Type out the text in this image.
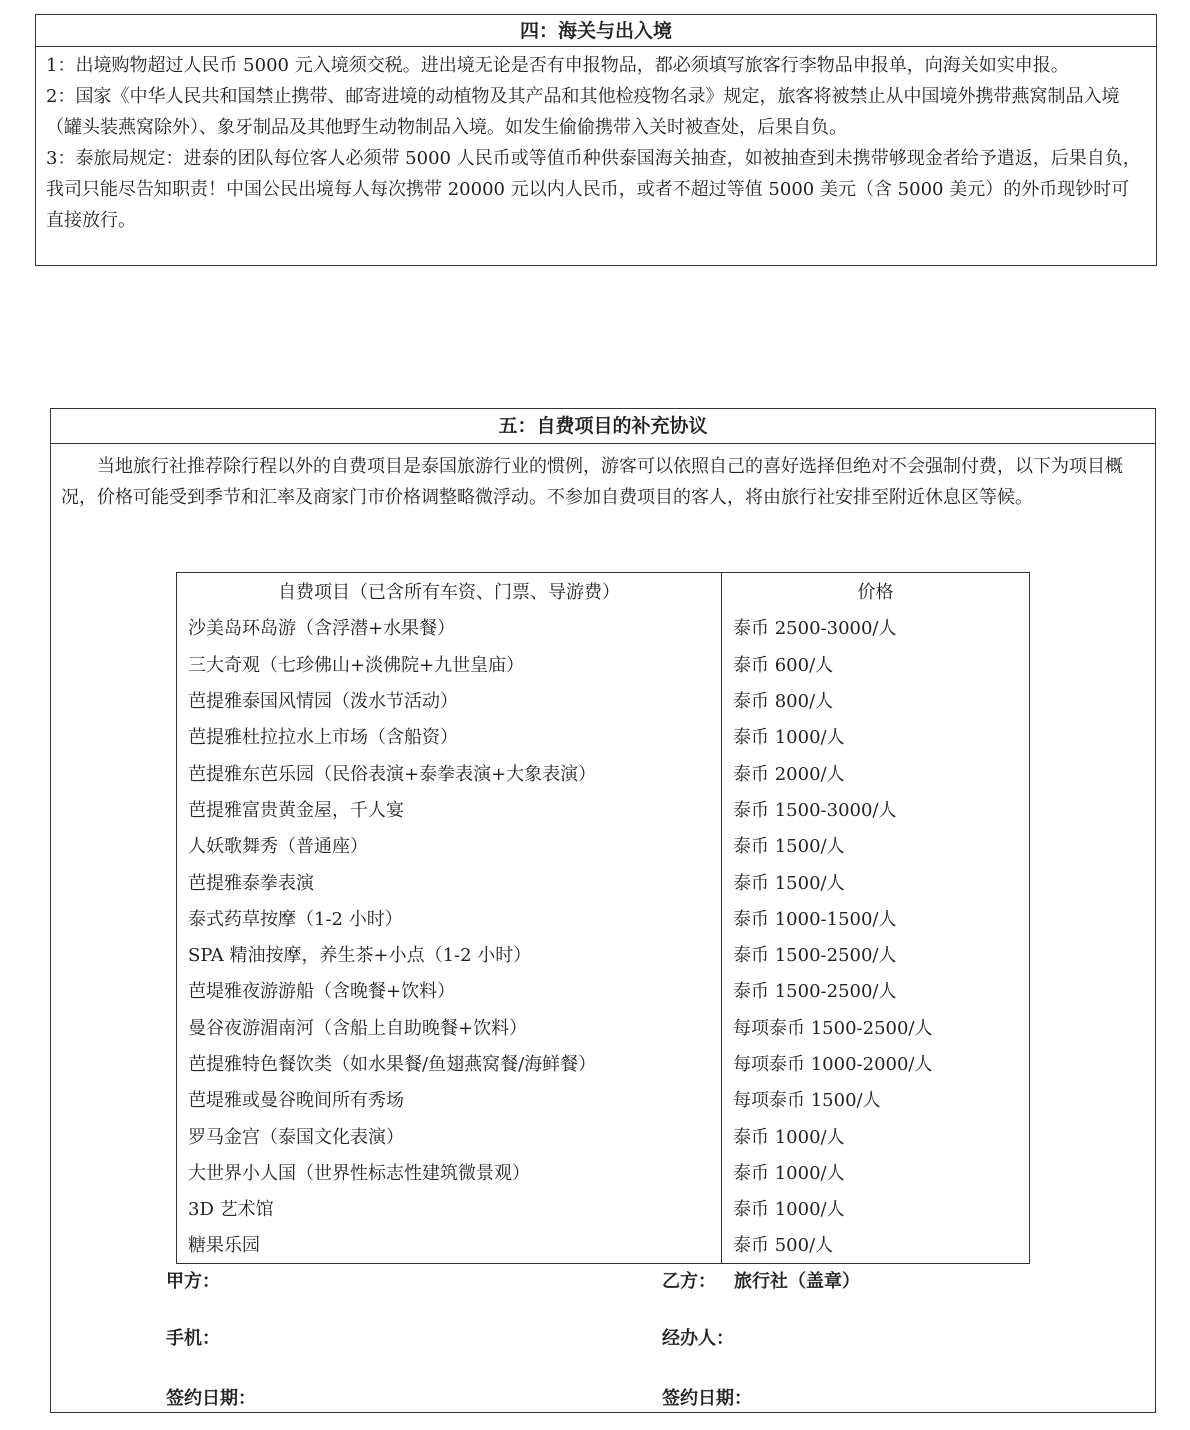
四：海关与出入境

1：出境购物超过人民币 5000 元入境须交税。进出境无论是否有申报物品，都必须填写旅客行李物品申报单，向海关如实申报。

2：国家《中华人民共和国禁止携带、邮寄进境的动植物及其产品和其他检疫物名录》规定，旅客将被禁止从中国境外携带燕窝制品入境（罐头装燕窝除外）、象牙制品及其他野生动物制品入境。如发生偷偷携带入关时被查处，后果自负。

3：泰旅局规定：进泰的团队每位客人必须带 5000 人民币或等值币种供泰国海关抽查，如被抽查到未携带够现金者给予遣返，后果自负，我司只能尽告知职责！中国公民出境每人每次携带 20000 元以内人民币，或者不超过等值 5000 美元（含 5000 美元）的外币现钞时可直接放行。

五：自费项目的补充协议

当地旅行社推荐除行程以外的自费项目是泰国旅游行业的惯例，游客可以依照自己的喜好选择但绝对不会强制付费，以下为项目概况，价格可能受到季节和汇率及商家门市价格调整略微浮动。不参加自费项目的客人，将由旅行社安排至附近休息区等候。

自费项目（已含所有车资、门票、导游费）	价格
沙美岛环岛游（含浮潜+水果餐）	泰币 2500-3000/人
三大奇观（七珍佛山+淡佛院+九世皇庙）	泰币 600/人
芭提雅泰国风情园（泼水节活动）	泰币 800/人
芭提雅杜拉拉水上市场（含船资）	泰币 1000/人
芭提雅东芭乐园（民俗表演+泰拳表演+大象表演）	泰币 2000/人
芭提雅富贵黄金屋，千人宴	泰币 1500-3000/人
人妖歌舞秀（普通座）	泰币 1500/人
芭提雅泰拳表演	泰币 1500/人
泰式药草按摩（1-2 小时）	泰币 1000-1500/人
SPA 精油按摩，养生茶+小点（1-2 小时）	泰币 1500-2500/人
芭堤雅夜游游船（含晚餐+饮料）	泰币 1500-2500/人
曼谷夜游湄南河（含船上自助晚餐+饮料）	每项泰币 1500-2500/人
芭提雅特色餐饮类（如水果餐/鱼翅燕窝餐/海鲜餐）	每项泰币 1000-2000/人
芭堤雅或曼谷晚间所有秀场	每项泰币 1500/人
罗马金宫（泰国文化表演）	泰币 1000/人
大世界小人国（世界性标志性建筑微景观）	泰币 1000/人
3D 艺术馆	泰币 1000/人
糖果乐园	泰币 500/人
甲方：	乙方： 旅行社（盖章）
手机：	经办人：
签约日期：	签约日期：
